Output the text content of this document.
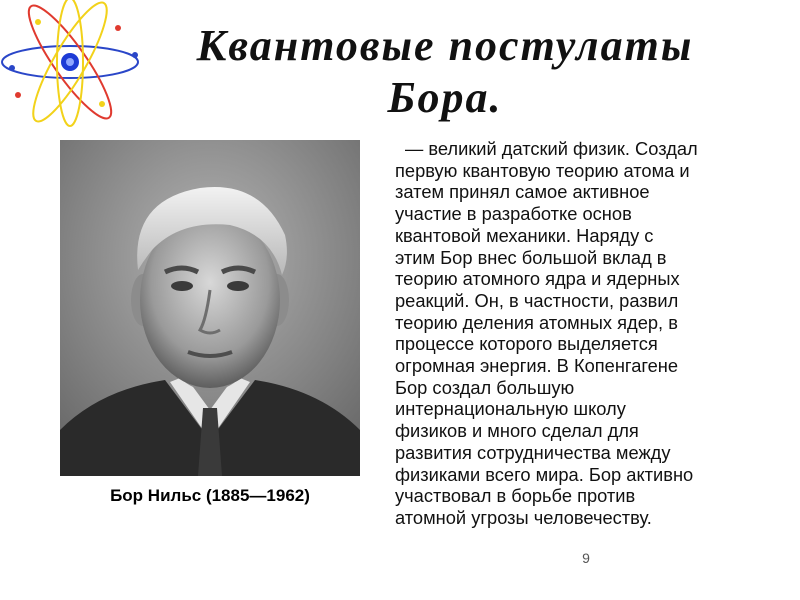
Квантовые постулаты
Бора.
Бор Нильс (1885—1962)
— великий датский физик. Создал
первую квантовую теорию атома и
затем принял самое активное
участие в разработке основ
квантовой механики. Наряду с
этим Бор внес большой вклад в
теорию атомного ядра и ядерных
реакций. Он, в частности, развил
теорию деления атомных ядер, в
процессе которого выделяется
огромная энергия. В Копенгагене
Бор создал большую
интернациональную школу
физиков и много сделал для
развития сотрудничества между
физиками всего мира. Бор активно
участвовал в борьбе против
атомной угрозы человечеству.
9
